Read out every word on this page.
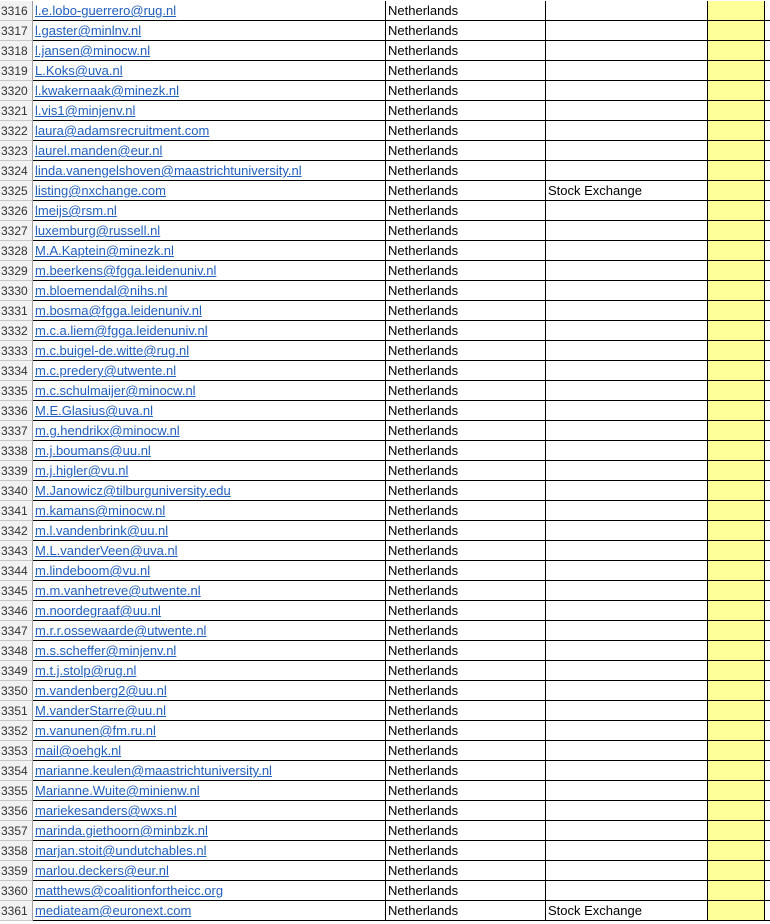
3316 l.e.lobo-guerrero@rug.nl	Netherlands
3317 l.gaster@minlnv.nl	Netherlands
3318 l.jansen@minocw.nl	Netherlands
3319 L.Koks@uva.nl	Netherlands
3320 l.kwakernaak@minezk.nl	Netherlands
3321 l.vis1@minjenv.nl	Netherlands
3322 laura@adamsrecruitment.com	Netherlands
3323 laurel.manden@eur.nl	Netherlands
3324 linda.vanengelshoven@maastrichtuniversity.nl	Netherlands
3325 listing@nxchange.com	Netherlands	Stock Exchange
3326 lmeijs@rsm.nl	Netherlands
3327 luxemburg@russell.nl	Netherlands
3328 M.A.Kaptein@minezk.nl	Netherlands
3329 m.beerkens@fgga.leidenuniv.nl	Netherlands
3330 m.bloemendal@nihs.nl	Netherlands
3331 m.bosma@fgga.leidenuniv.nl	Netherlands
3332 m.c.a.liem@fgga.leidenuniv.nl	Netherlands
3333 m.c.buigel-de.witte@rug.nl	Netherlands
3334 m.c.predery@utwente.nl	Netherlands
3335 m.c.schulmaijer@minocw.nl	Netherlands
3336 M.E.Glasius@uva.nl	Netherlands
3337 m.g.hendrikx@minocw.nl	Netherlands
3338 m.j.boumans@uu.nl	Netherlands
3339 m.j.higler@vu.nl	Netherlands
3340 M.Janowicz@tilburguniversity.edu	Netherlands
3341 m.kamans@minocw.nl	Netherlands
3342 m.l.vandenbrink@uu.nl	Netherlands
3343 M.L.vanderVeen@uva.nl	Netherlands
3344 m.lindeboom@vu.nl	Netherlands
3345 m.m.vanhetreve@utwente.nl	Netherlands
3346 m.noordegraaf@uu.nl	Netherlands
3347 m.r.r.ossewaarde@utwente.nl	Netherlands
3348 m.s.scheffer@minjenv.nl	Netherlands
3349 m.t.j.stolp@rug.nl	Netherlands
3350 m.vandenberg2@uu.nl	Netherlands
3351 M.vanderStarre@uu.nl	Netherlands
3352 m.vanunen@fm.ru.nl	Netherlands
3353 mail@oehgk.nl	Netherlands
3354 marianne.keulen@maastrichtuniversity.nl	Netherlands
3355 Marianne.Wuite@minienw.nl	Netherlands
3356 mariekesanders@wxs.nl	Netherlands
3357 marinda.giethoorn@minbzk.nl	Netherlands
3358 marjan.stoit@undutchables.nl	Netherlands
3359 marlou.deckers@eur.nl	Netherlands
3360 matthews@coalitionfortheicc.org	Netherlands
3361 mediateam@euronext.com	Netherlands	Stock Exchange
